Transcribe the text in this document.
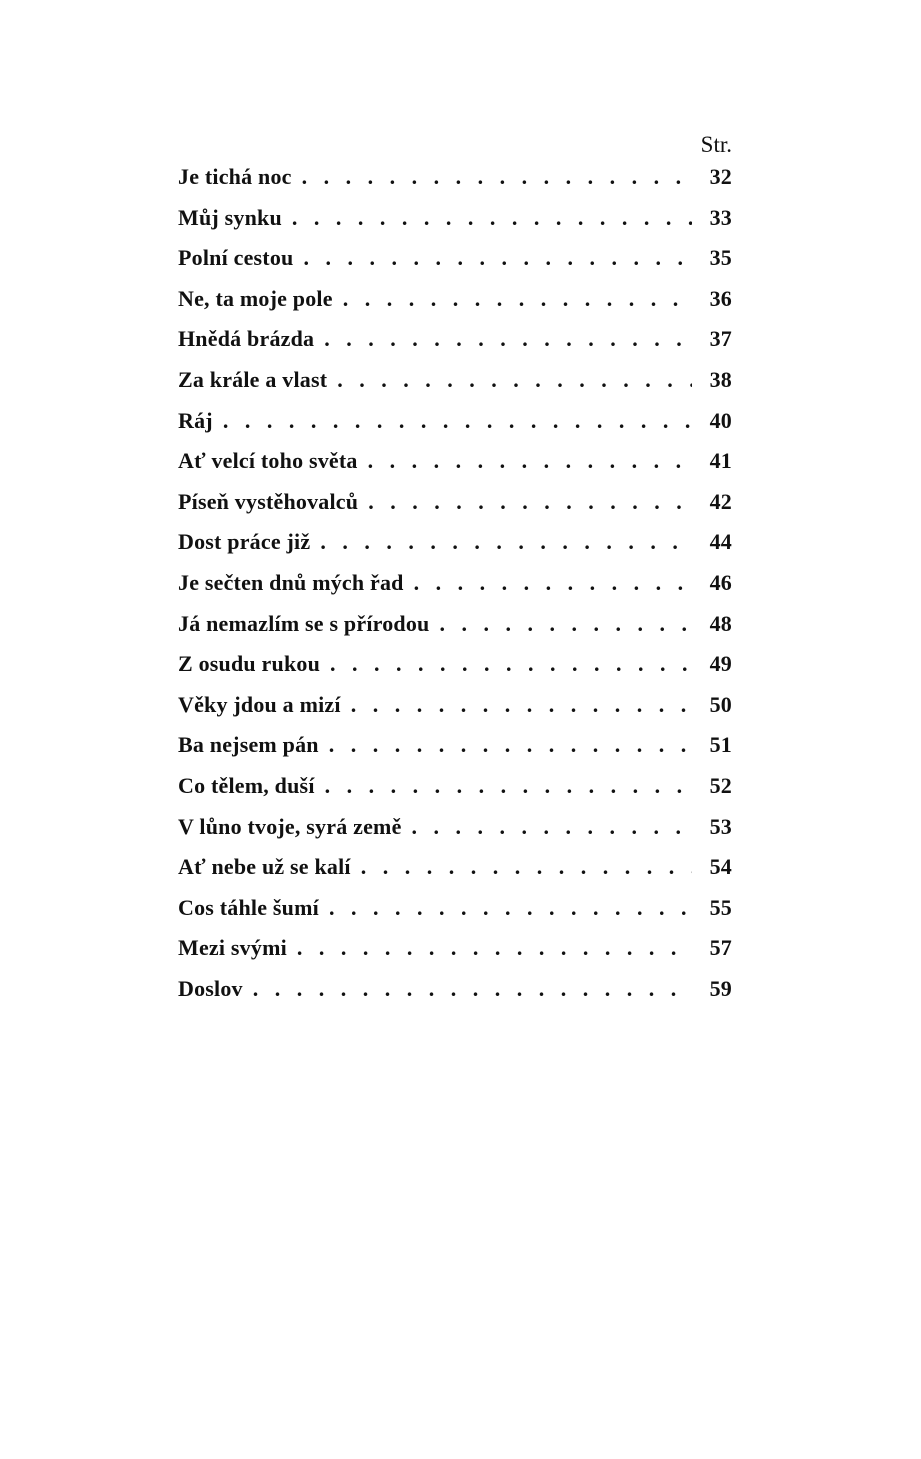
Str.
Je tichá noc . . .	32
Můj synku . . .	33
Polní cestou . . .	35
Ne, ta moje pole . . .	36
Hnědá brázda . . .	37
Za krále a vlast . . .	38
Ráj . . .	40
Ať velcí toho světa . . .	41
Píseň vystěhovalců . . .	42
Dost práce již . . .	44
Je sečten dnů mých řad . . .	46
Já nemazlím se s přírodou . . .	48
Z osudu rukou . . .	49
Věky jdou a mizí . . .	50
Ba nejsem pán . . .	51
Co tělem, duší . . .	52
V lůno tvoje, syrá země . . .	53
Ať nebe už se kalí . . .	54
Cos táhle šumí . . .	55
Mezi svými . . .	57
Doslov . . .	59
